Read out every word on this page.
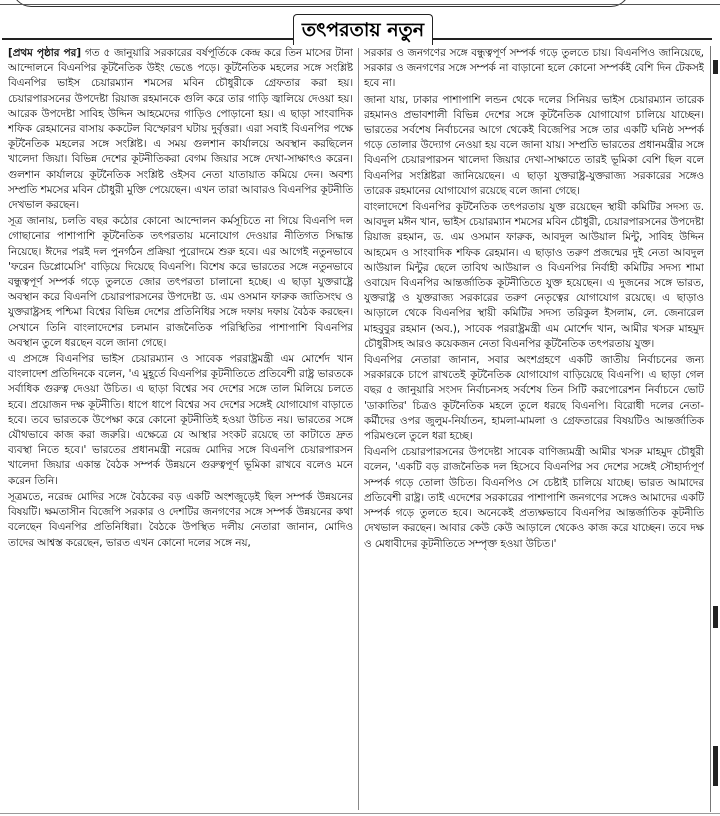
তৎপরতায় নতুন

[প্রথম পৃষ্ঠার পর] গত ৫ জানুয়ারি সরকারের বর্ষপূর্তিকে কেন্দ্র করে তিন মাসের টানা আন্দোলনে বিএনপির কূটনৈতিক উইং ভেঙে পড়ে। কূটনৈতিক মহলের সঙ্গে সংশ্লিষ্ট বিএনপির ভাইস চেয়ারম্যান শমসের মবিন চৌধুরীকে গ্রেফতার করা হয়। চেয়ারপারসনের উপদেষ্টা রিয়াজ রহমানকে গুলি করে তার গাড়ি জ্বালিয়ে দেওয়া হয়। আরেক উপদেষ্টা সাবিহ উদ্দিন আহমেদের গাড়িও পোড়ানো হয়। এ ছাড়া সাংবাদিক শফিক রেহমানের বাসায় ককটেল বিস্ফোরণ ঘটায় দুর্বৃত্তরা। এরা সবাই বিএনপির পক্ষে কূটনৈতিক মহলের সঙ্গে সংশ্লিষ্ট। এ সময় গুলশান কার্যালয়ে অবস্থান করছিলেন খালেদা জিয়া। বিভিন্ন দেশের কূটনীতিকরা বেগম জিয়ার সঙ্গে দেখা-সাক্ষাৎও করেন। গুলশান কার্যালয়ে কূটনৈতিক সংশ্লিষ্ট ওইসব নেতা যাতায়াত কমিয়ে দেন। অবশ্য সম্প্রতি শমসের মবিন চৌধুরী মুক্তি পেয়েছেন। এখন তারা আবারও বিএনপির কূটনীতি দেখভাল করছেন।

সূত্র জানায়, চলতি বছর কঠোর কোনো আন্দোলন কর্মসূচিতে না গিয়ে বিএনপি দল গোছানোর পাশাপাশি কূটনৈতিক তৎপরতায় মনোযোগ দেওয়ার নীতিগত সিদ্ধান্ত নিয়েছে। ঈদের পরই দল পুনর্গঠন প্রক্রিয়া পুরোদমে শুরু হবে। এর আগেই নতুনভাবে 'ফরেন ডিপ্লোমেসি' বাড়িয়ে দিয়েছে বিএনপি। বিশেষ করে ভারতের সঙ্গে নতুনভাবে বন্ধুত্বপূর্ণ সম্পর্ক গড়ে তুলতে জোর তৎপরতা চালানো হচ্ছে। এ ছাড়া যুক্তরাষ্ট্রে অবস্থান করে বিএনপি চেয়ারপারসনের উপদেষ্টা ড. এম ওসমান ফারুক জাতিসংঘ ও যুক্তরাষ্ট্রসহ পশ্চিমা বিশ্বের বিভিন্ন দেশের প্রতিনিধির সঙ্গে দফায় দফায় বৈঠক করছেন। সেখানে তিনি বাংলাদেশের চলমান রাজনৈতিক পরিস্থিতির পাশাপাশি বিএনপির অবস্থান তুলে ধরছেন বলে জানা গেছে।

এ প্রসঙ্গে বিএনপির ভাইস চেয়ারম্যান ও সাবেক পররাষ্ট্রমন্ত্রী এম মোর্শেদ খান বাংলাদেশ প্রতিদিনকে বলেন, 'এ মুহূর্তে বিএনপির কূটনীতিতে প্রতিবেশী রাষ্ট্র ভারতকে সর্বাধিক গুরুত্ব দেওয়া উচিত। এ ছাড়া বিশ্বের সব দেশের সঙ্গে তাল মিলিয়ে চলতে হবে। প্রয়োজন দক্ষ কূটনীতি। ধাপে ধাপে বিশ্বের সব দেশের সঙ্গেই যোগাযোগ বাড়াতে হবে। তবে ভারতকে উপেক্ষা করে কোনো কূটনীতিই হওয়া উচিত নয়। ভারতের সঙ্গে যৌথভাবে কাজ করা জরুরি। এক্ষেত্রে যে আস্থার সংকট রয়েছে তা কাটাতে দ্রুত ব্যবস্থা নিতে হবে।' ভারতের প্রধানমন্ত্রী নরেন্দ্র মোদির সঙ্গে বিএনপি চেয়ারপারসন খালেদা জিয়ার একান্ত বৈঠক সম্পর্ক উন্নয়নে গুরুত্বপূর্ণ ভূমিকা রাখবে বলেও মনে করেন তিনি।

সূত্রমতে, নরেন্দ্র মোদির সঙ্গে বৈঠকের বড় একটি অংশজুড়েই ছিল সম্পর্ক উন্নয়নের বিষয়টি। ক্ষমতাসীন বিজেপি সরকার ও দেশটির জনগণের সঙ্গে সম্পর্ক উন্নয়নের কথা বলেছেন বিএনপির প্রতিনিধিরা। বৈঠকে উপস্থিত দলীয় নেতারা জানান, মোদিও তাদের আশ্বস্ত করেছেন, ভারত এখন কোনো দলের সঙ্গে নয়,

সরকার ও জনগণের সঙ্গে বন্ধুত্বপূর্ণ সম্পর্ক গড়ে তুলতে চায়। বিএনপিও জানিয়েছে, সরকার ও জনগণের সঙ্গে সম্পর্ক না বাড়ানো হলে কোনো সম্পর্কই বেশি দিন টেকসই হবে না।

জানা যায়, ঢাকার পাশাপাশি লন্ডন থেকে দলের সিনিয়র ভাইস চেয়ারম্যান তারেক রহমানও প্রভাবশালী বিভিন্ন দেশের সঙ্গে কূটনৈতিক যোগাযোগ চালিয়ে যাচ্ছেন। ভারতের সর্বশেষ নির্বাচনের আগে থেকেই বিজেপির সঙ্গে তার একটি ঘনিষ্ঠ সম্পর্ক গড়ে তোলার উদ্যোগ নেওয়া হয় বলে জানা যায়। সম্প্রতি ভারতের প্রধানমন্ত্রীর সঙ্গে বিএনপি চেয়ারপারসন খালেদা জিয়ার দেখা-সাক্ষাতে তারই ভূমিকা বেশি ছিল বলে বিএনপির সংশ্লিষ্টরা জানিয়েছেন। এ ছাড়া যুক্তরাষ্ট্র-যুক্তরাজ্য সরকারের সঙ্গেও তারেক রহমানের যোগাযোগ রয়েছে বলে জানা গেছে।

বাংলাদেশে বিএনপির কূটনৈতিক তৎপরতায় যুক্ত রয়েছেন স্থায়ী কমিটির সদস্য ড. আবদুল মঈন খান, ভাইস চেয়ারম্যান শমসের মবিন চৌধুরী, চেয়ারপারসনের উপদেষ্টা রিয়াজ রহমান, ড. এম ওসমান ফারুক, আবদুল আউয়াল মিন্টু, সাবিহ উদ্দিন আহমেদ ও সাংবাদিক শফিক রেহমান। এ ছাড়াও তরুণ প্রজন্মের দুই নেতা আবদুল আউয়াল মিন্টুর ছেলে তাবিথ আউয়াল ও বিএনপির নির্বাহী কমিটির সদস্য শামা ওবায়েদ বিএনপির আন্তর্জাতিক কূটনীতিতে যুক্ত হয়েছেন। এ দুজনের সঙ্গে ভারত, যুক্তরাষ্ট্র ও যুক্তরাজ্য সরকারের তরুণ নেতৃত্বের যোগাযোগ রয়েছে। এ ছাড়াও আড়ালে থেকে বিএনপির স্থায়ী কমিটির সদস্য তরিকুল ইসলাম, লে. জেনারেল মাহবুবুর রহমান (অব.), সাবেক পররাষ্ট্রমন্ত্রী এম মোর্শেদ খান, আমীর খসরু মাহমুদ চৌধুরীসহ আরও কয়েকজন নেতা বিএনপির কূটনৈতিক তৎপরতায় যুক্ত।

বিএনপির নেতারা জানান, সবার অংশগ্রহণে একটি জাতীয় নির্বাচনের জন্য সরকারকে চাপে রাখতেই কূটনৈতিক যোগাযোগ বাড়িয়েছে বিএনপি। এ ছাড়া গেল বছর ৫ জানুয়ারি সংসদ নির্বাচনসহ সর্বশেষ তিন সিটি করপোরেশন নির্বাচনে ভোট 'ডাকাতির' চিত্রও কূটনৈতিক মহলে তুলে ধরছে বিএনপি। বিরোধী দলের নেতা-কর্মীদের ওপর জুলুম-নির্যাতন, হামলা-মামলা ও গ্রেফতারের বিষয়টিও আন্তর্জাতিক পরিমণ্ডলে তুলে ধরা হচ্ছে।

বিএনপি চেয়ারপারসনের উপদেষ্টা সাবেক বাণিজ্যমন্ত্রী আমীর খসরু মাহমুদ চৌধুরী বলেন, 'একটি বড় রাজনৈতিক দল হিসেবে বিএনপির সব দেশের সঙ্গেই সৌহার্দ্যপূর্ণ সম্পর্ক গড়ে তোলা উচিত। বিএনপিও সে চেষ্টাই চালিয়ে যাচ্ছে। ভারত আমাদের প্রতিবেশী রাষ্ট্র। তাই এদেশের সরকারের পাশাপাশি জনগণের সঙ্গেও আমাদের একটি সম্পর্ক গড়ে তুলতে হবে। অনেকেই প্রত্যক্ষভাবে বিএনপির আন্তর্জাতিক কূটনীতি দেখভাল করছেন। আবার কেউ কেউ আড়ালে থেকেও কাজ করে যাচ্ছেন। তবে দক্ষ ও মেধাবীদের কূটনীতিতে সম্পৃক্ত হওয়া উচিত।'
